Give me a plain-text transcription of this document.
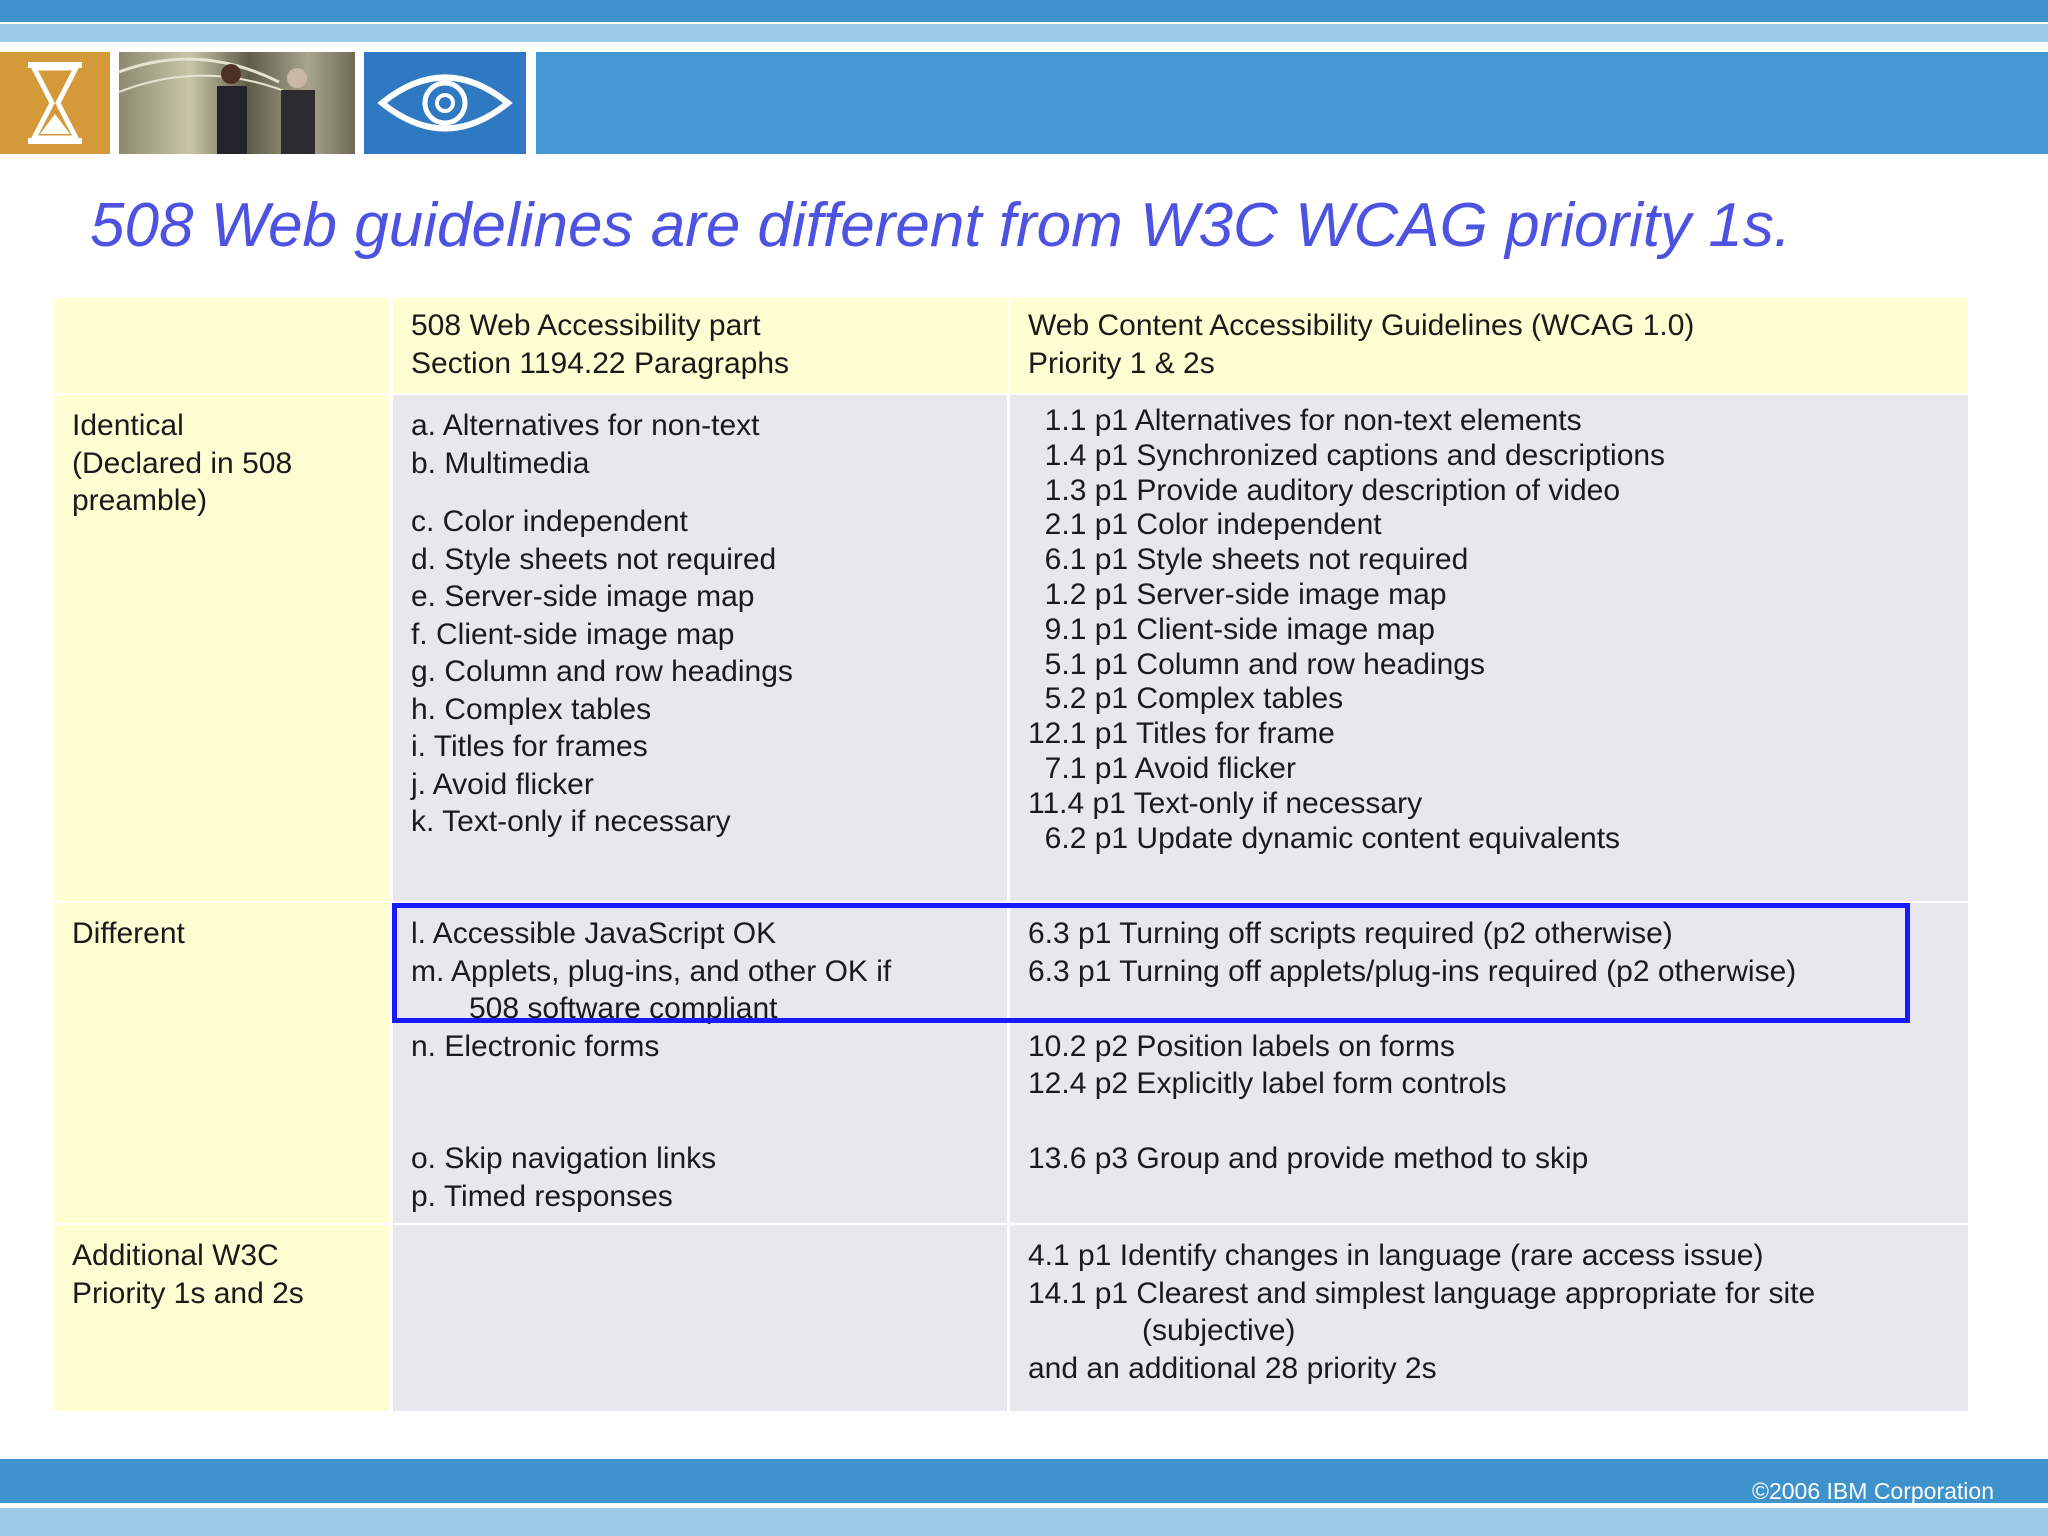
508 Web guidelines are different from W3C WCAG priority 1s.
508 Web Accessibility part
Section 1194.22 Paragraphs
Web Content Accessibility Guidelines (WCAG 1.0)
Priority 1 & 2s
Identical
(Declared in 508
preamble)
a. Alternatives for non-text
b. Multimedia
c. Color independent
d. Style sheets not required
e. Server-side image map
f. Client-side image map
g. Column and row headings
h. Complex tables
i. Titles for frames
j. Avoid flicker
k. Text-only if necessary
1.1 p1 Alternatives for non-text elements
1.4 p1 Synchronized captions and descriptions
1.3 p1 Provide auditory description of video
2.1 p1 Color independent
6.1 p1 Style sheets not required
1.2 p1 Server-side image map
9.1 p1 Client-side image map
5.1 p1 Column and row headings
5.2 p1 Complex tables
12.1 p1 Titles for frame
7.1 p1 Avoid flicker
11.4 p1 Text-only if necessary
6.2 p1 Update dynamic content equivalents
Different	l. Accessible JavaScript OK
m. Applets, plug-ins, and other OK if
508 software compliant
n. Electronic forms
o. Skip navigation links
p. Timed responses
6.3 p1 Turning off scripts required (p2 otherwise)
6.3 p1 Turning off applets/plug-ins required (p2 otherwise)
10.2 p2 Position labels on forms
12.4 p2 Explicitly label form controls
13.6 p3 Group and provide method to skip
Additional W3C
Priority 1s and 2s
4.1 p1 Identify changes in language (rare access issue)
14.1 p1 Clearest and simplest language appropriate for site
(subjective)
and an additional 28 priority 2s
©2006 IBM Corporation
